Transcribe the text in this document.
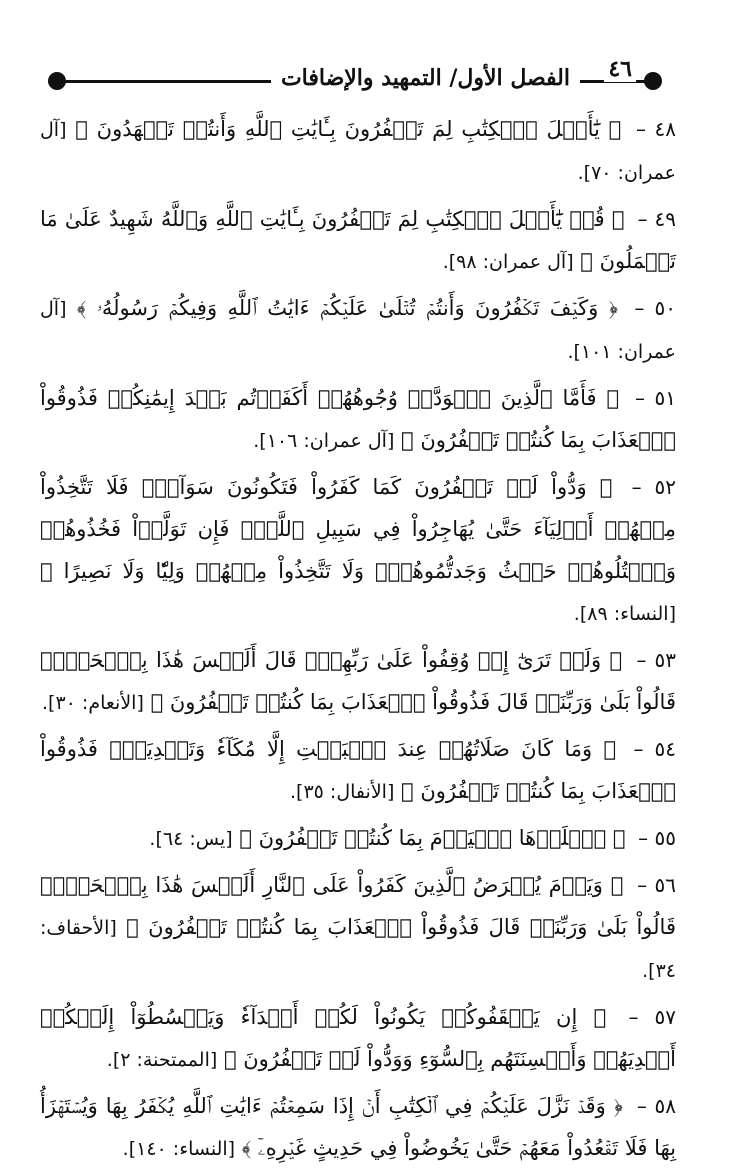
الفصل الأول/ التمهيد والإضافات	٤٦

٤٨ – ﴿ يَٰٓأَهۡلَ ٱلۡكِتَٰبِ لِمَ تَكۡفُرُونَ بِـَٔايَٰتِ ٱللَّهِ وَأَنتُمۡ تَشۡهَدُونَ ﴾ [آل عمران: ٧٠].

٤٩ – ﴿ قُلۡ يَٰٓأَهۡلَ ٱلۡكِتَٰبِ لِمَ تَكۡفُرُونَ بِـَٔايَٰتِ ٱللَّهِ وَٱللَّهُ شَهِيدٌ عَلَىٰ مَا تَعۡمَلُونَ ﴾ [آل عمران: ٩٨].

٥٠ – ﴿ وَكَيۡفَ تَكۡفُرُونَ وَأَنتُمۡ تُتۡلَىٰ عَلَيۡكُمۡ ءَايَٰتُ ٱللَّهِ وَفِيكُمۡ رَسُولُهُۥ ﴾ [آل عمران: ١٠١].

٥١ – ﴿ فَأَمَّا ٱلَّذِينَ ٱسۡوَدَّتۡ وُجُوهُهُمۡ أَكَفَرۡتُم بَعۡدَ إِيمَٰنِكُمۡ فَذُوقُواْ ٱلۡعَذَابَ بِمَا كُنتُمۡ تَكۡفُرُونَ ﴾ [آل عمران: ١٠٦].

٥٢ – ﴿ وَدُّواْ لَوۡ تَكۡفُرُونَ كَمَا كَفَرُواْ فَتَكُونُونَ سَوَآءٗۖ فَلَا تَتَّخِذُواْ مِنۡهُمۡ أَوۡلِيَآءَ حَتَّىٰ يُهَاجِرُواْ فِي سَبِيلِ ٱللَّهِۚ فَإِن تَوَلَّوۡاْ فَخُذُوهُمۡ وَٱقۡتُلُوهُمۡ حَيۡثُ وَجَدتُّمُوهُمۡۖ وَلَا تَتَّخِذُواْ مِنۡهُمۡ وَلِيّٗا وَلَا نَصِيرًا ﴾ [النساء: ٨٩].

٥٣ – ﴿ وَلَوۡ تَرَىٰٓ إِذۡ وُقِفُواْ عَلَىٰ رَبِّهِمۡۚ قَالَ أَلَيۡسَ هَٰذَا بِٱلۡحَقِّۚ قَالُواْ بَلَىٰ وَرَبِّنَاۚ قَالَ فَذُوقُواْ ٱلۡعَذَابَ بِمَا كُنتُمۡ تَكۡفُرُونَ ﴾ [الأنعام: ٣٠].

٥٤ – ﴿ وَمَا كَانَ صَلَاتُهُمۡ عِندَ ٱلۡبَيۡتِ إِلَّا مُكَآءٗ وَتَصۡدِيَةٗۚ فَذُوقُواْ ٱلۡعَذَابَ بِمَا كُنتُمۡ تَكۡفُرُونَ ﴾ [الأنفال: ٣٥].

٥٥ – ﴿ ٱصۡلَوۡهَا ٱلۡيَوۡمَ بِمَا كُنتُمۡ تَكۡفُرُونَ ﴾ [يس: ٦٤].

٥٦ – ﴿ وَيَوۡمَ يُعۡرَضُ ٱلَّذِينَ كَفَرُواْ عَلَى ٱلنَّارِ أَلَيۡسَ هَٰذَا بِٱلۡحَقِّۖ قَالُواْ بَلَىٰ وَرَبِّنَاۚ قَالَ فَذُوقُواْ ٱلۡعَذَابَ بِمَا كُنتُمۡ تَكۡفُرُونَ ﴾ [الأحقاف: ٣٤].

٥٧ – ﴿ إِن يَثۡقَفُوكُمۡ يَكُونُواْ لَكُمۡ أَعۡدَآءٗ وَيَبۡسُطُوٓاْ إِلَيۡكُمۡ أَيۡدِيَهُمۡ وَأَلۡسِنَتَهُم بِٱلسُّوٓءِ وَوَدُّواْ لَوۡ تَكۡفُرُونَ ﴾ [الممتحنة: ٢].

٥٨ – ﴿ وَقَدۡ نَزَّلَ عَلَيۡكُمۡ فِي ٱلۡكِتَٰبِ أَنۡ إِذَا سَمِعۡتُمۡ ءَايَٰتِ ٱللَّهِ يُكۡفَرُ بِهَا وَيُسۡتَهۡزَأُ بِهَا فَلَا تَقۡعُدُواْ مَعَهُمۡ حَتَّىٰ يَخُوضُواْ فِي حَدِيثٍ غَيۡرِهِۦٓ ﴾ [النساء: ١٤٠].
